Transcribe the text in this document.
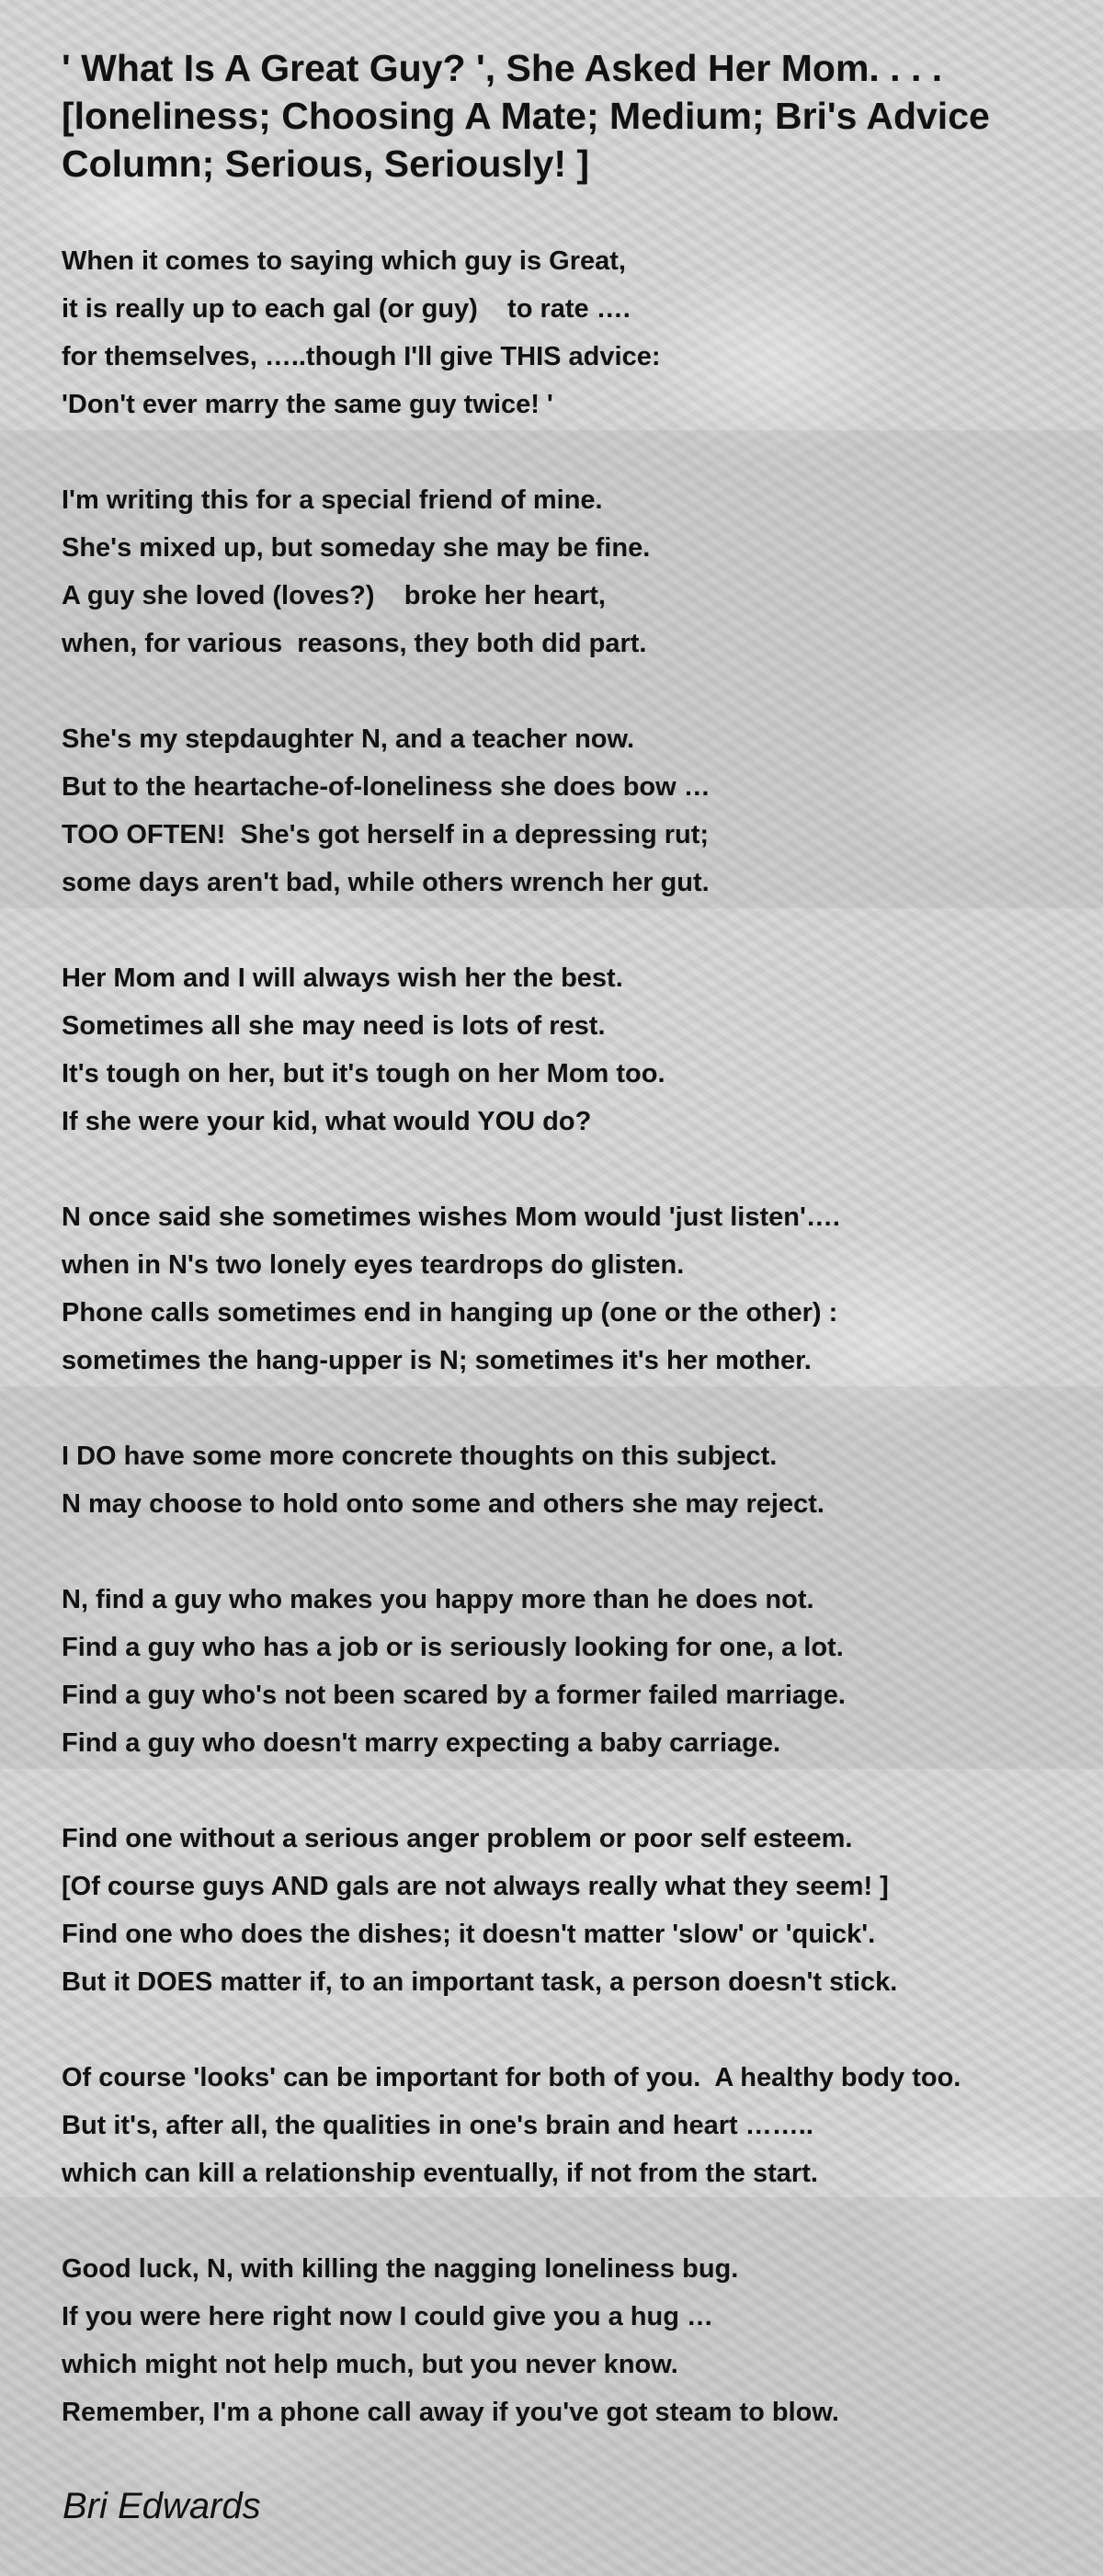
' What Is A Great Guy? ', She Asked Her Mom. . . . [loneliness; Choosing A Mate; Medium; Bri's Advice Column; Serious, Seriously! ]
When it comes to saying which guy is Great,
it is really up to each gal (or guy)    to rate ….
for themselves, …..though I'll give THIS advice:
'Don't ever marry the same guy twice! '
I'm writing this for a special friend of mine.
She's mixed up, but someday she may be fine.
A guy she loved (loves?)    broke her heart,
when, for various  reasons, they both did part.
She's my stepdaughter N, and a teacher now.
But to the heartache-of-loneliness she does bow …
TOO OFTEN!  She's got herself in a depressing rut;
some days aren't bad, while others wrench her gut.
Her Mom and I will always wish her the best.
Sometimes all she may need is lots of rest.
It's tough on her, but it's tough on her Mom too.
If she were your kid, what would YOU do?
N once said she sometimes wishes Mom would 'just listen'….
when in N's two lonely eyes teardrops do glisten.
Phone calls sometimes end in hanging up (one or the other) :
sometimes the hang-upper is N; sometimes it's her mother.
I DO have some more concrete thoughts on this subject.
N may choose to hold onto some and others she may reject.
N, find a guy who makes you happy more than he does not.
Find a guy who has a job or is seriously looking for one, a lot.
Find a guy who's not been scared by a former failed marriage.
Find a guy who doesn't marry expecting a baby carriage.
Find one without a serious anger problem or poor self esteem.
[Of course guys AND gals are not always really what they seem! ]
Find one who does the dishes; it doesn't matter 'slow' or 'quick'.
But it DOES matter if, to an important task, a person doesn't stick.
Of course 'looks' can be important for both of you.  A healthy body too.
But it's, after all, the qualities in one's brain and heart ……..
which can kill a relationship eventually, if not from the start.
Good luck, N, with killing the nagging loneliness bug.
If you were here right now I could give you a hug …
which might not help much, but you never know.
Remember, I'm a phone call away if you've got steam to blow.
Bri Edwards
